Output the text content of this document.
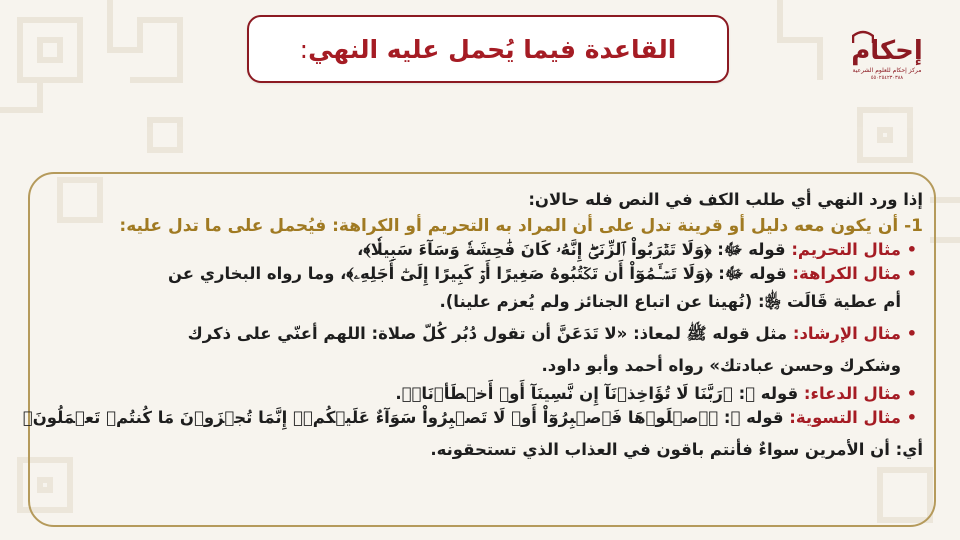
القاعدة فيما يُحمل عليه النهي
:	إحكام
مركز إحكام للعلوم الشرعية
٥٥٠٢٥٤٢٣٠٣٨٨
إذا ورد النهي أي طلب الكف في النص فله حالان:
1- أن يكون معه دليل أو قرينة تدل على أن المراد به التحريم أو الكراهة: فيُحمل على ما تدل عليه:
•
مثال التحريم: قوله ﷻ: ﴿وَلَا تَقۡرَبُواْ ٱلزِّنَىٰٓۖ إِنَّهُۥ كَانَ فَٰحِشَةٗ وَسَآءَ سَبِيلٗا﴾،
•
مثال الكراهة: قوله ﷻ: ﴿وَلَا تَسۡـَٔمُوٓاْ أَن تَكۡتُبُوهُ صَغِيرًا أَوۡ كَبِيرًا إِلَىٰٓ أَجَلِهِۦ﴾، وما رواه البخاري عن
أم عطية قَالَت ﵂: (نُهينا عن اتباع الجنائز ولم يُعزم علينا).
•
مثال الإرشاد: مثل قوله ﷺ لمعاذ: «لا تَدَعَنَّ أن تقول دُبُر كُلّ صلاة: اللهم أعنّي على ذكرك
وشكرك وحسن عبادتك» رواه أحمد وأبو داود.
•
مثال الدعاء: قوله ﷻ: ﴿رَبَّنَا لَا تُؤَاخِذۡنَآ إِن نَّسِينَآ أَوۡ أَخۡطَأۡنَاۚ﴾.
•
مثال التسوية: قوله ﷻ: ﴿ٱصۡلَوۡهَا فَٱصۡبِرُوٓاْ أَوۡ لَا تَصۡبِرُواْ سَوَآءٌ عَلَيۡكُمۡۖ إِنَّمَا تُجۡزَوۡنَ مَا كُنتُمۡ تَعۡمَلُونَ﴾
أي: أن الأمرين سواءٌ فأنتم باقون في العذاب الذي تستحقونه.
